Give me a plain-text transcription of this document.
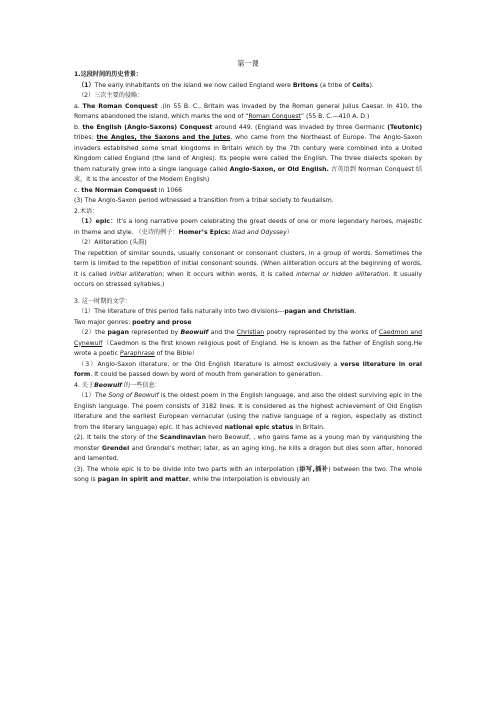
第一课

1.这段时间的历史背景：

（1）The early inhabitants on the island we now called England were Britons (a tribe of Celts).

（2）三次主要的侵略：

a. The Roman Conquest .(In 55 B. C., Britain was invaded by the Roman general Julius Caesar. In 410, the Romans abandoned the island, which marks the end of “Roman Conquest” (55 B. C.—410 A. D.)

b. the English (Anglo-Saxons) Conquest around 449. (England was invaded by three Germanic (Teutonic) tribes: the Angles, the Saxons and the Jutes, who came from the Northeast of Europe. The Anglo-Saxon invaders established some small kingdoms in Britain which by the 7th century were combined into a United Kingdom called England (the land of Angles). Its people were called the English. The three dialects spoken by them naturally grew into a single language called Anglo-Saxon, or Old English. 古英语到 Norman Conquest 结束，it is the ancestor of the Modern English)

c. the Norman Conquest in 1066

(3) The Anglo-Saxon period witnessed a transition from a tribal society to feudalism.

2.术语：

（1）epic：It’s a long narrative poem celebrating the great deeds of one or more legendary heroes, majestic in theme and style. （史诗的例子：Homer’s Epics: Iliad and Odyssey）

（2）Alliteration (头韵)

The repetition of similar sounds, usually consonant or consonant clusters, in a group of words. Sometimes the term is limited to the repetition of initial consonant sounds. (When alliteration occurs at the beginning of words, it is called initial alliteration; when it occurs within words, it is called internal or hidden alliteration. It usually occurs on stressed syllables.)

3. 这一时期的文学：

（1）The literature of this period falls naturally into two divisions---pagan and Christian.

Two major genres: poetry and prose

（2）the pagan represented by Beowulf and the Christian poetry represented by the works of Caedmon and Cynewulf（Caedmon is the first known religious poet of England. He is known as the father of English song.He wrote a poetic Paraphrase of the Bible）

（3）Anglo-Saxon literature, or the Old English literature is almost exclusively a verse literature in oral form. It could be passed down by word of mouth from generation to generation.

4. 关于Beowulf 的一些信息：

（1）The Song of Beowulf is the oldest poem in the English language, and also the oldest surviving epic in the English language. The poem consists of 3182 lines. It is considered as the highest achievement of Old English literature and the earliest European vernacular (using the native language of a region, especially as distinct from the literary language) epic. It has achieved national epic status in Britain.

(2). It tells the story of the Scandinavian hero Beowulf, , who gains fame as a young man by vanquishing the monster Grendel and Grendel’s mother; later, as an aging king, he kills a dragon but dies soon after, honored and lamented.

(3). The whole epic is to be divide into two parts with an interpolation (添写,插补) between the two. The whole song is pagan in spirit and matter, while the interpolation is obviously an
